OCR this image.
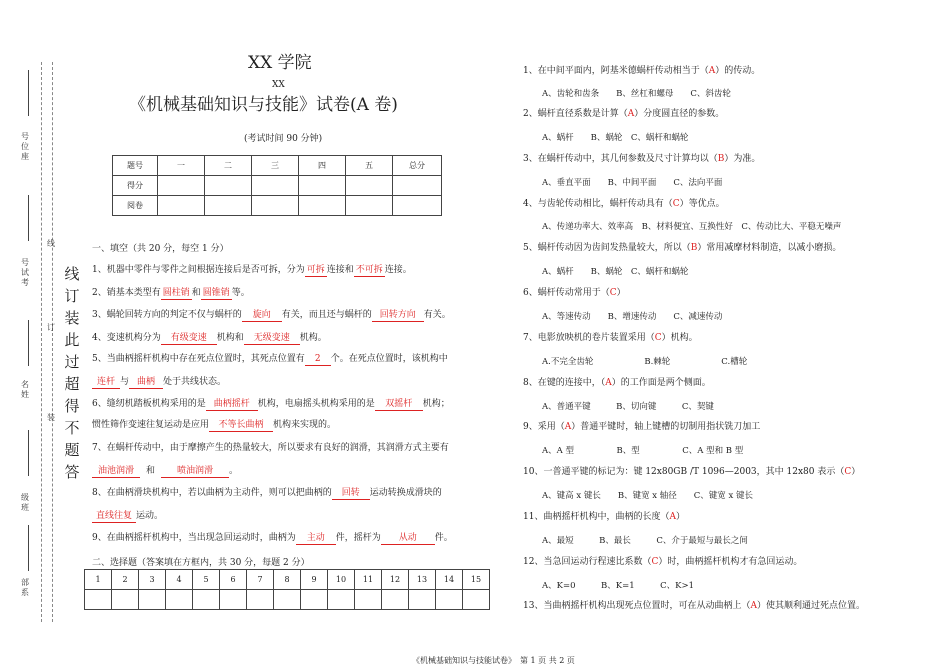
号位座
号试考
名姓
级班
部系
线
订
装
线
订
装
此
过
超
得
不
题
答
XX 学院
XX
《机械基础知识与技能》试卷(A 卷)
(考试时间 90 分钟)
题号	一	二	三	四	五	总分
得分						
阅卷						
一、填空（共 20 分，每空 1 分）
1、机器中零件与零件之间根据连接后是否可拆，分为 可拆 连接和 不可拆 连接。
2、销基本类型有 圆柱销 和 圆锥销 等。
3、蜗轮回转方向的判定不仅与蜗杆的 旋向 有关，而且还与蜗杆的 回转方向 有关。
4、变速机构分为 有级变速 机构和 无级变速 机构。
5、当曲柄摇杆机构中存在死点位置时，其死点位置有 2 个。在死点位置时，该机构中
连杆 与 曲柄 处于共线状态。
6、缝纫机踏板机构采用的是 曲柄摇杆 机构，电扇摇头机构采用的是 双摇杆 机构；
惯性筛作变速往复运动是应用 不等长曲柄 机构来实现的。
7、在蜗杆传动中，由于摩擦产生的热量较大，所以要求有良好的润滑，其润滑方式主要有
油池润滑 和 喷油润滑 。
8、在曲柄滑块机构中，若以曲柄为主动件，则可以把曲柄的 回转 运动转换成滑块的
直线往复 运动。
9、在曲柄摇杆机构中，当出现急回运动时，曲柄为 主动 件，摇杆为 从动 件。
二、选择题（答案填在方框内，共 30 分，每题 2 分）
1	2	3	4	5	6	7	8	9	10	11	12	13	14	15

1、在中间平面内，阿基米德蜗杆传动相当于（A）的传动。
A、齿轮和齿条　　B、丝杠和螺母　　C、斜齿轮
2、蜗杆直径系数是计算（A）分度圆直径的参数。
A、蜗杆　　B、蜗轮　C、蜗杆和蜗轮
3、在蜗杆传动中，其几何参数及尺寸计算均以（B）为准。
A、垂直平面　　B、中间平面　　C、法向平面
4、与齿轮传动相比，蜗杆传动具有（C）等优点。
A、传递功率大、效率高　B、材料便宜、互换性好　C、传动比大、平稳无噪声
5、蜗杆传动因为齿间发热量较大，所以（B）常用减摩材料制造，以减小磨损。
A、蜗杆　　B、蜗轮　C、蜗杆和蜗轮
6、蜗杆传动常用于（C）
A、等速传动　　B、增速传动　　C、减速传动
7、电影放映机的卷片装置采用（C）机构。
A.不完全齿轮　　　　　　B.棘轮　　　　　　C.槽轮
8、在键的连接中，（A）的工作面是两个侧面。
A、普通平键　　　B、切向键　　　C、契键
9、采用（A）普通平键时，轴上键槽的切制用指状铣刀加工
A、A 型　　　　　B、型　　　　　C、A 型和 B 型
10、一普通平键的标记为：键 12x80GB /T 1096—2003，其中 12x80 表示（C）
A、键高 x 键长　　B、键宽 x 轴径　　C、键宽 x 键长
11、曲柄摇杆机构中，曲柄的长度（A）
A、最短　　　B、最长　　　C、介于最短与最长之间
12、当急回运动行程速比系数（C）时，曲柄摇杆机构才有急回运动。
A、K=0　　　B、K=1　　　C、K>1
13、当曲柄摇杆机构出现死点位置时，可在从动曲柄上（A）使其顺利通过死点位置。
《机械基础知识与技能试卷》　第 1 页 共 2 页
